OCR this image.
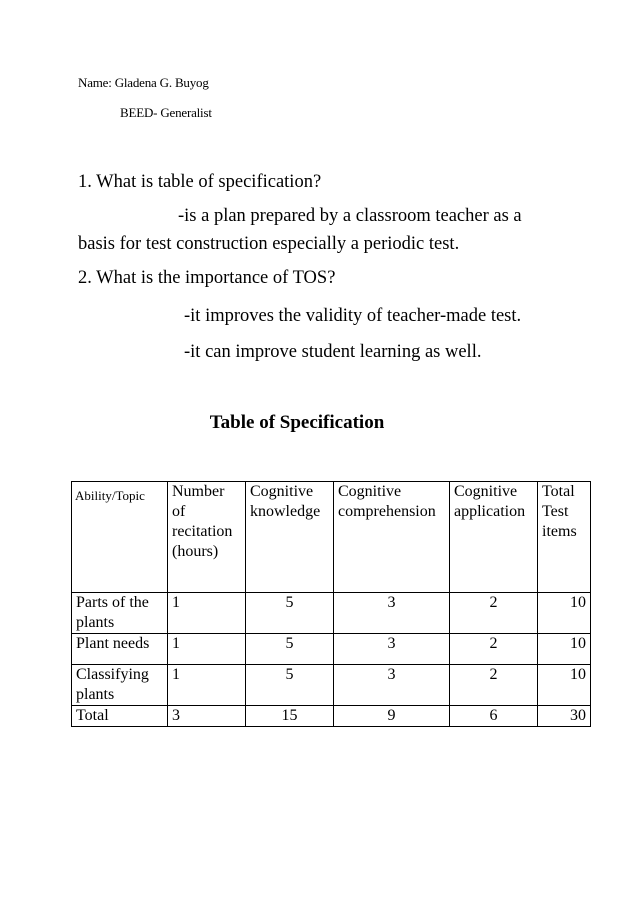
Name: Gladena G. Buyog
BEED- Generalist
1. What is table of specification?
-is a plan prepared by a classroom teacher as a
basis for test construction especially a periodic test.
2. What is the importance of TOS?
-it improves the validity of teacher-made test.
-it can improve student learning as well.
Table of Specification
Ability/Topic	Number of recitation (hours)	Cognitive knowledge	Cognitive comprehension	Cognitive application	Total Test items
Parts of the plants	1	5	3	2	10
Plant needs	1	5	3	2	10
Classifying plants	1	5	3	2	10
Total	3	15	9	6	30
